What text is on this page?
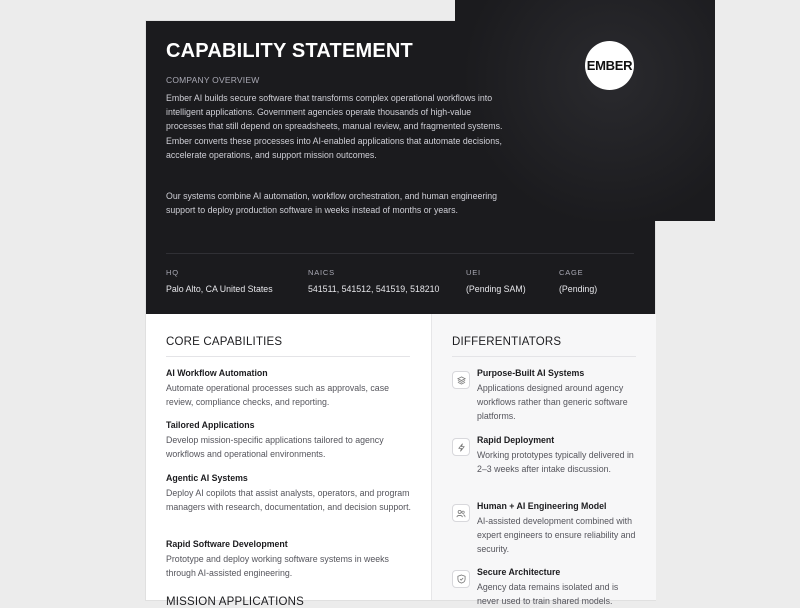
CAPABILITY STATEMENT
EMBER
COMPANY OVERVIEW

Ember AI builds secure software that transforms complex operational workflows into intelligent applications. Government agencies operate thousands of high-value processes that still depend on spreadsheets, manual review, and fragmented systems. Ember converts these processes into AI-enabled applications that automate decisions, accelerate operations, and support mission outcomes.

Our systems combine AI automation, workflow orchestration, and human engineering support to deploy production software in weeks instead of months or years.

HQ
Palo Alto, CA United States
NAICS
541511, 541512, 541519, 518210
UEI
(Pending SAM)
CAGE
(Pending)
CORE CAPABILITIES
AI Workflow Automation
Automate operational processes such as approvals, case review, compliance checks, and reporting.
Tailored Applications
Develop mission-specific applications tailored to agency workflows and operational environments.
Agentic AI Systems
Deploy AI copilots that assist analysts, operators, and program managers with research, documentation, and decision support.
Rapid Software Development
Prototype and deploy working software systems in weeks through AI-assisted engineering.
DIFFERENTIATORS
Purpose-Built AI Systems
Applications designed around agency workflows rather than generic software platforms.
Rapid Deployment
Working prototypes typically delivered in 2–3 weeks after intake discussion.
Human + AI Engineering Model
AI-assisted development combined with expert engineers to ensure reliability and security.
Secure Architecture
Agency data remains isolated and is never used to train shared models.
MISSION APPLICATIONS
